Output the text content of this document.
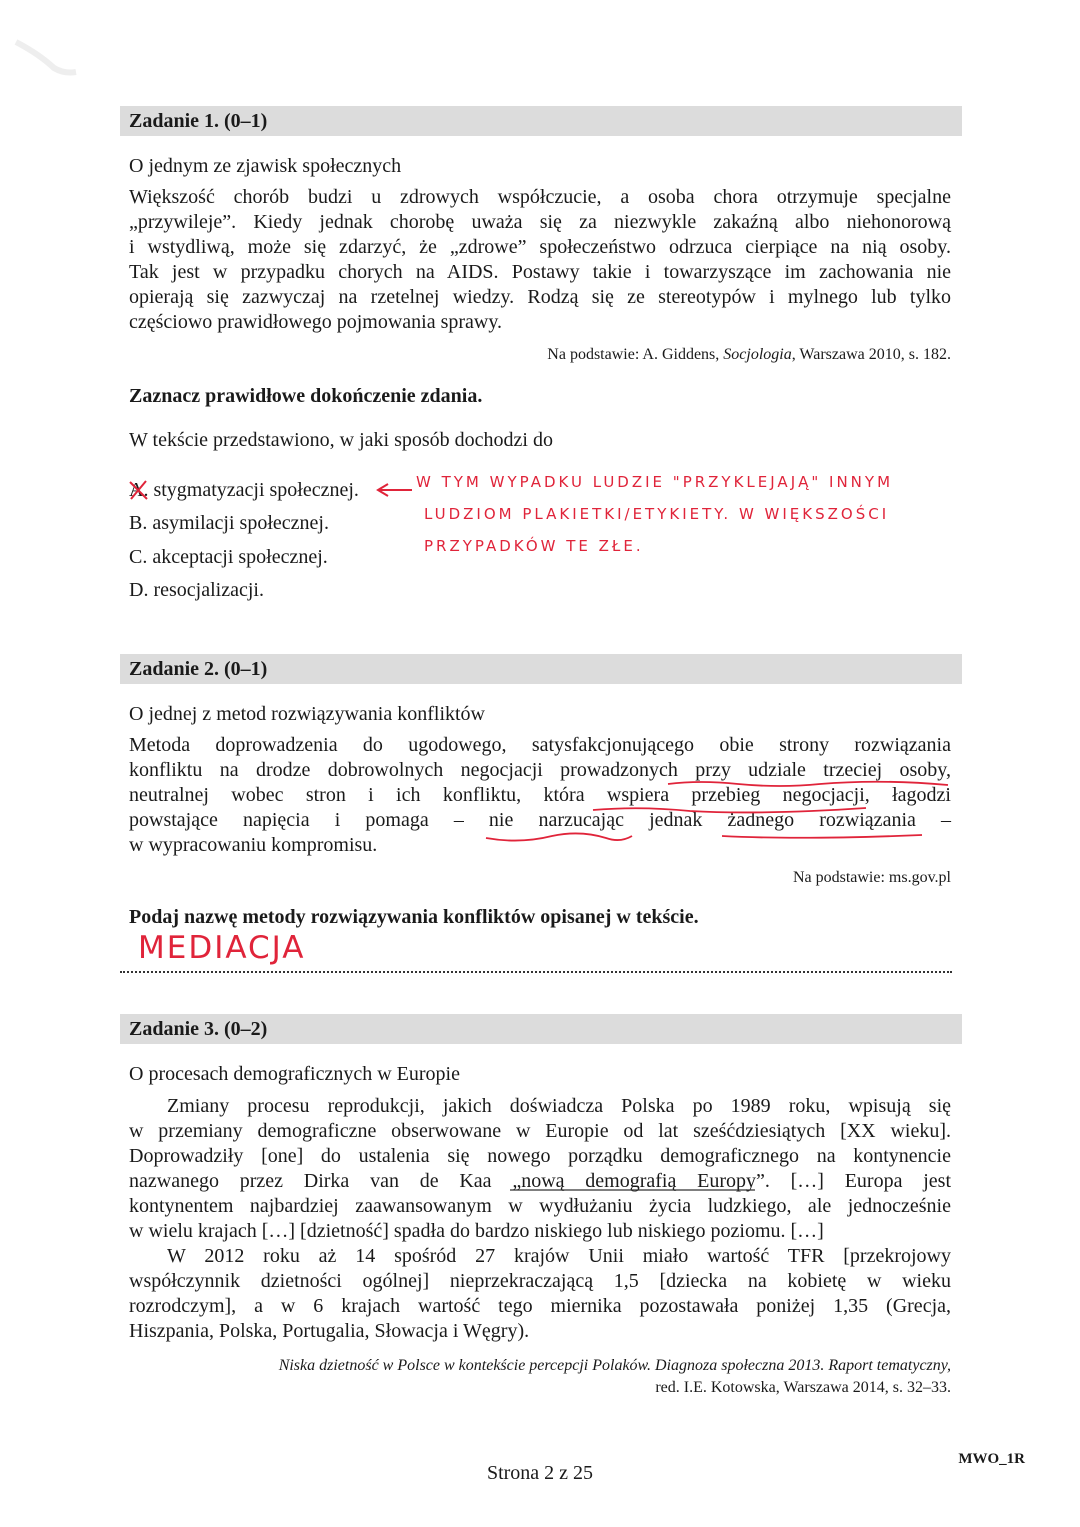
Zadanie 1. (0–1)
O jednym ze zjawisk społecznych
Większość chorób budzi u zdrowych współczucie, a osoba chora otrzymuje specjalne
„przywileje”. Kiedy jednak chorobę uważa się za niezwykle zakaźną albo niehonorową
i wstydliwą, może się zdarzyć, że „zdrowe” społeczeństwo odrzuca cierpiące na nią osoby.
Tak jest w przypadku chorych na AIDS. Postawy takie i towarzyszące im zachowania nie
opierają się zazwyczaj na rzetelnej wiedzy. Rodzą się ze stereotypów i mylnego lub tylko
częściowo prawidłowego pojmowania sprawy.
Na podstawie: A. Giddens, Socjologia, Warszawa 2010, s. 182.
Zaznacz prawidłowe dokończenie zdania.
W tekście przedstawiono, w jaki sposób dochodzi do
A. stygmatyzacji społecznej.
B. asymilacji społecznej.
C. akceptacji społecznej.
D. resocjalizacji.
W TYM WYPADKU LUDZIE "PRZYKLEJAJĄ" INNYM
LUDZIOM PLAKIETKI/ETYKIETY. W WIĘKSZOŚCI
PRZYPADKÓW TE ZŁE.
Zadanie 2. (0–1)
O jednej z metod rozwiązywania konfliktów
Metoda doprowadzenia do ugodowego, satysfakcjonującego obie strony rozwiązania
konfliktu na drodze dobrowolnych negocjacji prowadzonych przy udziale trzeciej osoby,
neutralnej wobec stron i ich konfliktu, która wspiera przebieg negocjacji, łagodzi
powstające napięcia i pomaga – nie narzucając jednak żadnego rozwiązania –
w wypracowaniu kompromisu.
Na podstawie: ms.gov.pl
Podaj nazwę metody rozwiązywania konfliktów opisanej w tekście.
MEDIACJA
Zadanie 3. (0–2)
O procesach demograficznych w Europie
Zmiany procesu reprodukcji, jakich doświadcza Polska po 1989 roku, wpisują się
w przemiany demograficzne obserwowane w Europie od lat sześćdziesiątych [XX wieku].
Doprowadziły [one] do ustalenia się nowego porządku demograficznego na kontynencie
nazwanego przez Dirka van de Kaa „nową demografią Europy”. […] Europa jest
kontynentem najbardziej zaawansowanym w wydłużaniu życia ludzkiego, ale jednocześnie
w wielu krajach […] [dzietność] spadła do bardzo niskiego lub niskiego poziomu. […]
W 2012 roku aż 14 spośród 27 krajów Unii miało wartość TFR [przekrojowy
współczynnik dzietności ogólnej] nieprzekraczającą 1,5 [dziecka na kobietę w wieku
rozrodczym], a w 6 krajach wartość tego miernika pozostawała poniżej 1,35 (Grecja,
Hiszpania, Polska, Portugalia, Słowacja i Węgry).
Niska dzietność w Polsce w kontekście percepcji Polaków. Diagnoza społeczna 2013. Raport tematyczny,
red. I.E. Kotowska, Warszawa 2014, s. 32–33.
Strona 2 z 25
MWO_1R
